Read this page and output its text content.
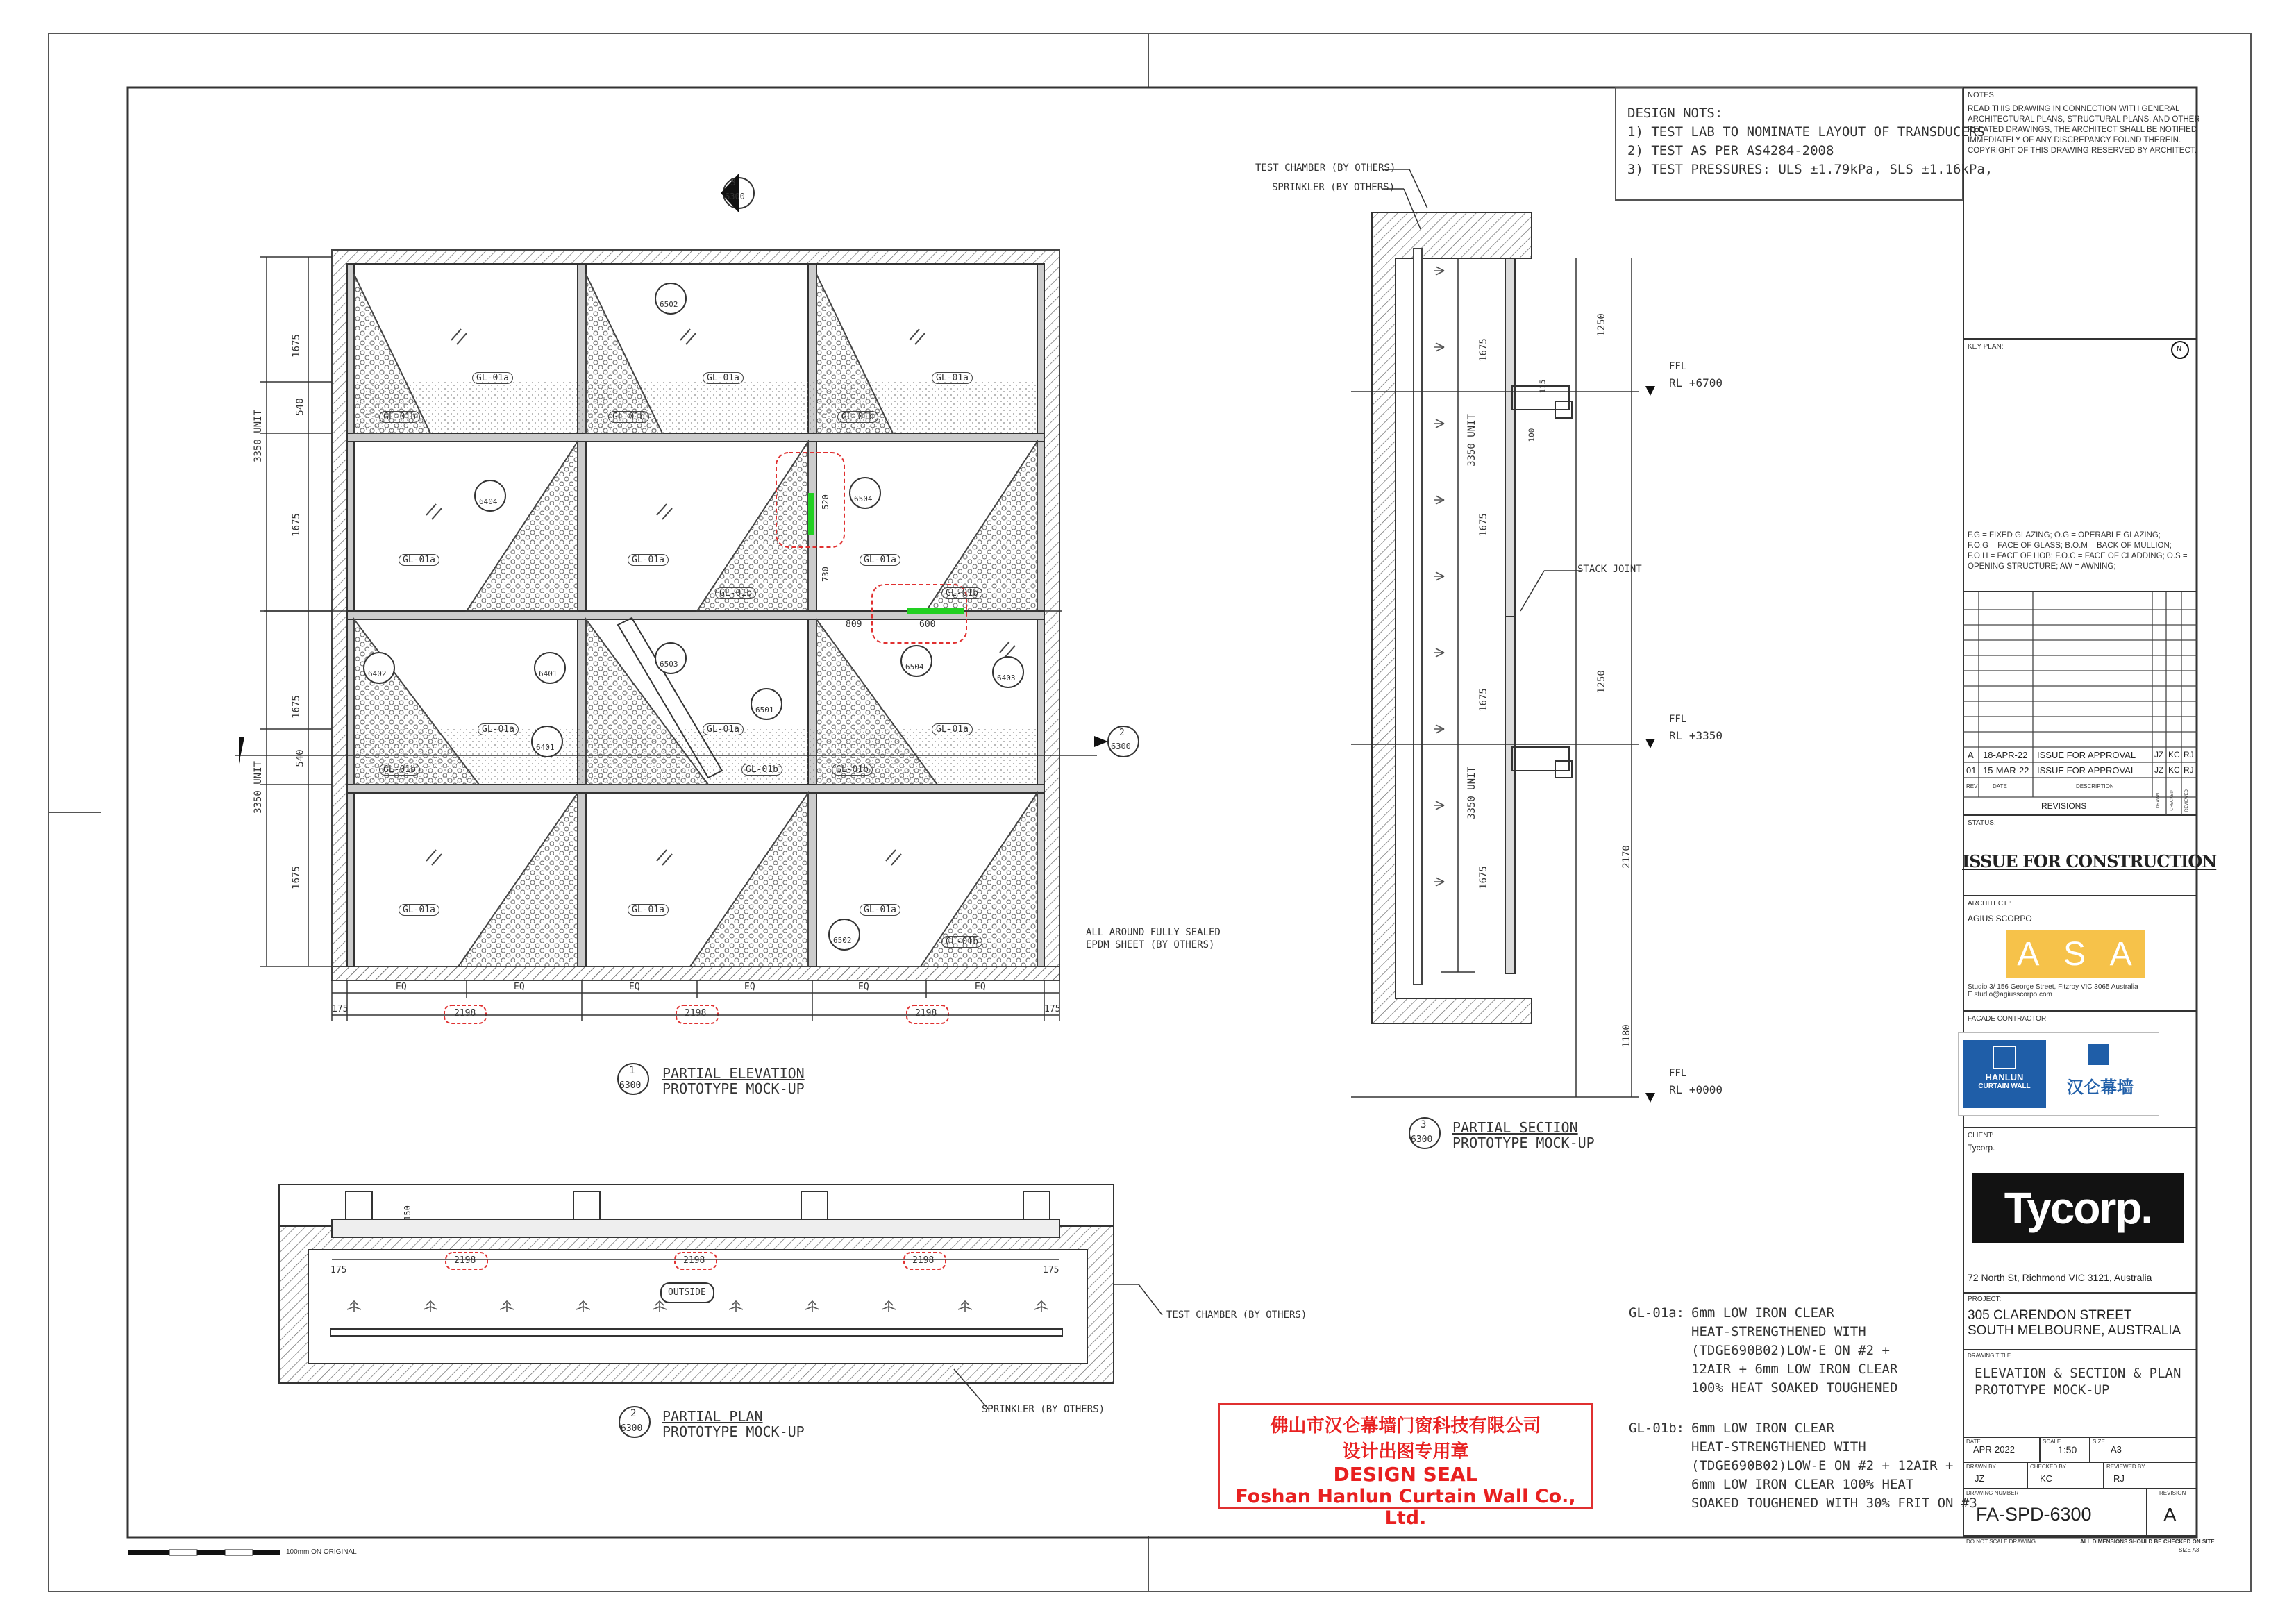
DESIGN NOTS:
1) TEST LAB TO NOMINATE LAYOUT OF TRANSDUCERS
2) TEST AS PER AS4284-2008
3) TEST PRESSURES: ULS ±1.79kPa, SLS ±1.16kPa,
3
6300
2
6300
6502
6404	6504
6402	6401
6401
6503
6501
6504
6403
6502
GL-01a	GL-01a	GL-01a
GL-01b	GL-01b	GL-01b
GL-01a	GL-01a	GL-01a
GL-01b	GL-01b
GL-01a	GL-01a	GL-01a
GL-01b	GL-01b	GL-01b
GL-01a	GL-01a	GL-01a
GL-01b
1675
540
1675
1675
540
1675
3350 UNIT
3350 UNIT
520
730
809	600
175
EQ	EQ	EQ	EQ	EQ	EQ
175
2198	2198	2198
ALL AROUND FULLY SEALED
EPDM SHEET (BY OTHERS)
1
6300
PARTIAL ELEVATION
PROTOTYPE MOCK-UP
TEST CHAMBER (BY OTHERS)
SPRINKLER (BY OTHERS)
STACK JOINT
FFL
RL +6700
FFL
RL +3350
FFL
RL +0000
1675
3350 UNIT
1675
1675
3350 UNIT
1675
1250
1250
2170
1180
115
100
3
6300
PARTIAL SECTION
PROTOTYPE MOCK-UP
150
175
2198	2198	2198
175
OUTSIDE
TEST CHAMBER (BY OTHERS)
SPRINKLER (BY OTHERS)
2
6300
PARTIAL PLAN
PROTOTYPE MOCK-UP
GL-01a: 6mm LOW IRON CLEAR
HEAT-STRENGTHENED WITH
(TDGE690B02)LOW-E ON #2 +
12AIR + 6mm LOW IRON CLEAR
100% HEAT SOAKED TOUGHENED
GL-01b: 6mm LOW IRON CLEAR
HEAT-STRENGTHENED WITH
(TDGE690B02)LOW-E ON #2 + 12AIR +
6mm LOW IRON CLEAR 100% HEAT
SOAKED TOUGHENED WITH 30% FRIT ON #3
佛山市汉仑幕墙门窗科技有限公司
设计出图专用章
DESIGN SEAL
Foshan Hanlun Curtain Wall Co., Ltd.
100mm ON ORIGINAL
NOTES
READ THIS DRAWING IN CONNECTION WITH GENERAL
ARCHITECTURAL PLANS, STRUCTURAL PLANS, AND OTHER
RELATED DRAWINGS, THE ARCHITECT SHALL BE NOTIFIED
IMMEDIATELY OF ANY DISCREPANCY FOUND THEREIN.
COPYRIGHT OF THIS DRAWING RESERVED BY ARCHITECT.
KEY PLAN:	N
F.G = FIXED GLAZING; O.G = OPERABLE GLAZING;
F.O.G = FACE OF GLASS; B.O.M = BACK OF MULLION;
F.O.H = FACE OF HOB; F.O.C = FACE OF CLADDING; O.S =
OPENING STRUCTURE; AW = AWNING;
A 18-APR-22 ISSUE FOR APPROVAL JZ KC RJ
01 15-MAR-22 ISSUE FOR APPROVAL JZ KC RJ
REV	DATE	DESCRIPTION
DRAWN CHECKED	REVIEWED
REVISIONS
STATUS:
ISSUE FOR CONSTRUCTION
ARCHITECT :
AGIUS SCORPO
A S A
Studio 3/ 156 George Street, Fitzroy VIC 3065 Australia
E studio@agiusscorpo.com
FACADE CONTRACTOR:
HANLUN
CURTAIN WALL	汉仑幕墙
CLIENT:
Tycorp.
Tycorp.
72 North St, Richmond VIC 3121, Australia
PROJECT:
305 CLARENDON STREET
SOUTH MELBOURNE, AUSTRALIA
DRAWING TITLE
ELEVATION & SECTION & PLAN
PROTOTYPE MOCK-UP
DATE
APR-2022
SCALE
1:50
SIZE
A3
DRAWN BY
JZ
CHECKED BY
KC
REVIEWED BY
RJ
DRAWING NUMBER
FA-SPD-6300
REVISION
A
DO NOT SCALE DRAWING.	ALL DIMENSIONS SHOULD BE CHECKED ON SITE
SIZE A3
